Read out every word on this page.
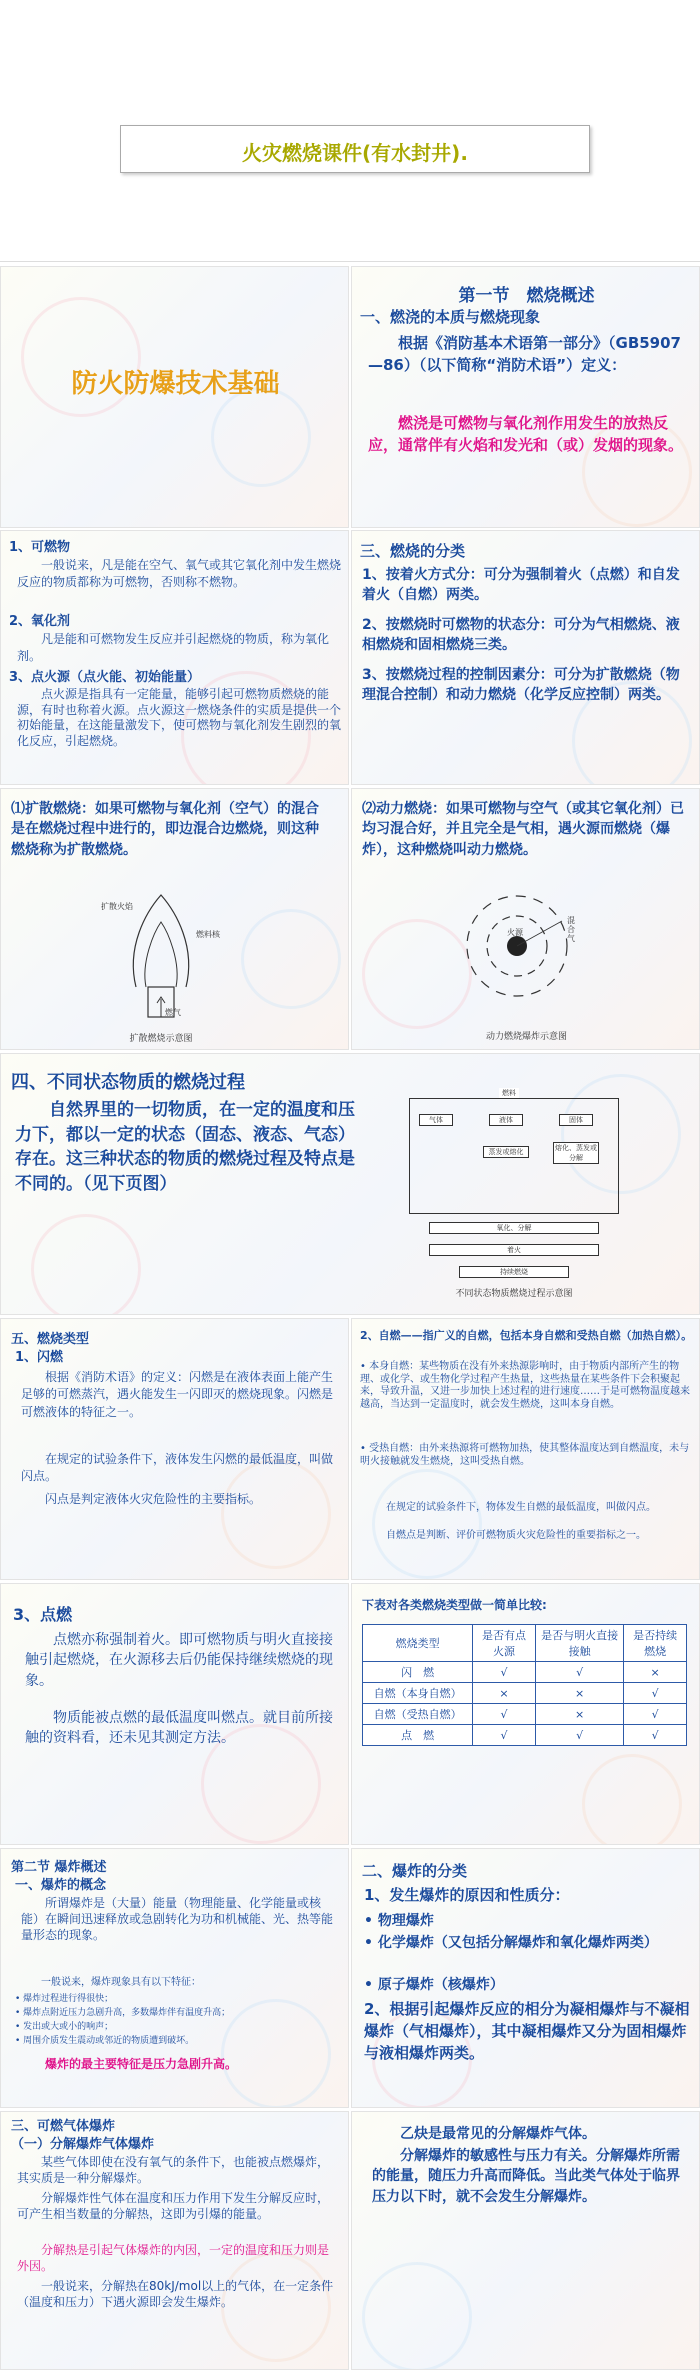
火灾燃烧课件(有水封井).
防火防爆技术基础
第一节　燃烧概述
一、燃浇的本质与燃烧现象
根据《消防基本术语第一部分》（GB5907—86）（以下简称“消防术语”）定义：
燃浇是可燃物与氧化剂作用发生的放热反应，通常伴有火焰和发光和（或）发烟的现象。
1、可燃物
一般说来，凡是能在空气、氧气或其它氧化剂中发生燃烧反应的物质都称为可燃物，否则称不燃物。
2、氧化剂
凡是能和可燃物发生反应并引起燃烧的物质，称为氧化剂。
3、点火源（点火能、初始能量）
点火源是指具有一定能量，能够引起可燃物质燃烧的能源，有时也称着火源。点火源这一燃烧条件的实质是提供一个初始能量，在这能量激发下，使可燃物与氧化剂发生剧烈的氧化反应，引起燃烧。
三、燃烧的分类
1、按着火方式分：可分为强制着火（点燃）和自发着火（自燃）两类。
2、按燃烧时可燃物的状态分：可分为气相燃烧、液相燃烧和固相燃烧三类。
3、按燃烧过程的控制因素分：可分为扩散燃烧（物理混合控制）和动力燃烧（化学反应控制）两类。
⑴扩散燃烧：如果可燃物与氧化剂（空气）的混合是在燃烧过程中进行的，即边混合边燃烧，则这种燃烧称为扩散燃烧。
扩散火焰
燃料核
燃气
扩散燃烧示意图
⑵动力燃烧：如果可燃物与空气（或其它氧化剂）已均习混合好，并且完全是气相，遇火源而燃烧（爆炸），这种燃烧叫动力燃烧。
火源
混合气
动力燃烧爆炸示意图
四、不同状态物质的燃烧过程
自然界里的一切物质，在一定的温度和压力下，都以一定的状态（固态、液态、气态）存在。这三种状态的物质的燃烧过程及特点是不同的。（见下页图）
燃料
气体	液体	固体
蒸发或熔化	熔化、蒸发或分解
氧化、分解
着火
持续燃烧
不同状态物质燃烧过程示意图
五、燃烧类型
1、闪燃
根据《消防术语》的定义：闪燃是在液体表面上能产生足够的可燃蒸汽，遇火能发生一闪即灭的燃烧现象。闪燃是可燃液体的特征之一。
在规定的试验条件下，液体发生闪燃的最低温度，叫做闪点。
闪点是判定液体火灾危险性的主要指标。
2、自燃——指广义的自燃，包括本身自燃和受热自燃（加热自燃）。
• 本身自燃：某些物质在没有外来热源影响时，由于物质内部所产生的物理、或化学、或生物化学过程产生热量，这些热量在某些条件下会积聚起来，导致升温，又进一步加快上述过程的进行速度……于是可燃物温度越来越高，当达到一定温度时，就会发生燃烧，这叫本身自燃。
• 受热自燃：由外来热源将可燃物加热，使其整体温度达到自燃温度，未与明火接触就发生燃烧，这叫受热自燃。
在规定的试验条件下，物体发生自燃的最低温度，叫做闪点。
自燃点是判断、评价可燃物质火灾危险性的重要指标之一。
3、点燃
点燃亦称强制着火。即可燃物质与明火直接接触引起燃烧，在火源移去后仍能保持继续燃烧的现象。
物质能被点燃的最低温度叫燃点。就目前所接触的资料看，还未见其测定方法。
下表对各类燃烧类型做一简单比较:
燃烧类型	是否有点火源	是否与明火直接接触	是否持续燃烧
闪　燃	√	√	×
自燃（本身自燃）	×	×	√
自燃（受热自燃）	√	×	√
点　燃	√	√	√
第二节 爆炸概述
一、爆炸的概念
所谓爆炸是（大量）能量（物理能量、化学能量或核能）在瞬间迅速释放或急剧转化为功和机械能、光、热等能量形态的现象。
一般说来，爆炸现象具有以下特征：
• 爆炸过程进行得很快；
• 爆炸点附近压力急剧升高，多数爆炸伴有温度升高；
• 发出或大或小的响声；
• 周围介质发生震动或邻近的物质遭到破坏。
爆炸的最主要特征是压力急剧升高。
二、爆炸的分类
1、发生爆炸的原因和性质分：
• 物理爆炸
• 化学爆炸（又包括分解爆炸和氧化爆炸两类）
• 原子爆炸（核爆炸）
2、根据引起爆炸反应的相分为凝相爆炸与不凝相爆炸（气相爆炸），其中凝相爆炸又分为固相爆炸与液相爆炸两类。
三、可燃气体爆炸
（一）分解爆炸气体爆炸
某些气体即使在没有氧气的条件下，也能被点燃爆炸，其实质是一种分解爆炸。
分解爆炸性气体在温度和压力作用下发生分解反应时，可产生相当数量的分解热，这即为引爆的能量。
分解热是引起气体爆炸的内因，一定的温度和压力则是外因。
一般说来，分解热在80kJ/mol以上的气体，在一定条件（温度和压力）下遇火源即会发生爆炸。
乙炔是最常见的分解爆炸气体。
分解爆炸的敏感性与压力有关。分解爆炸所需的能量，随压力升高而降低。当此类气体处于临界压力以下时，就不会发生分解爆炸。
